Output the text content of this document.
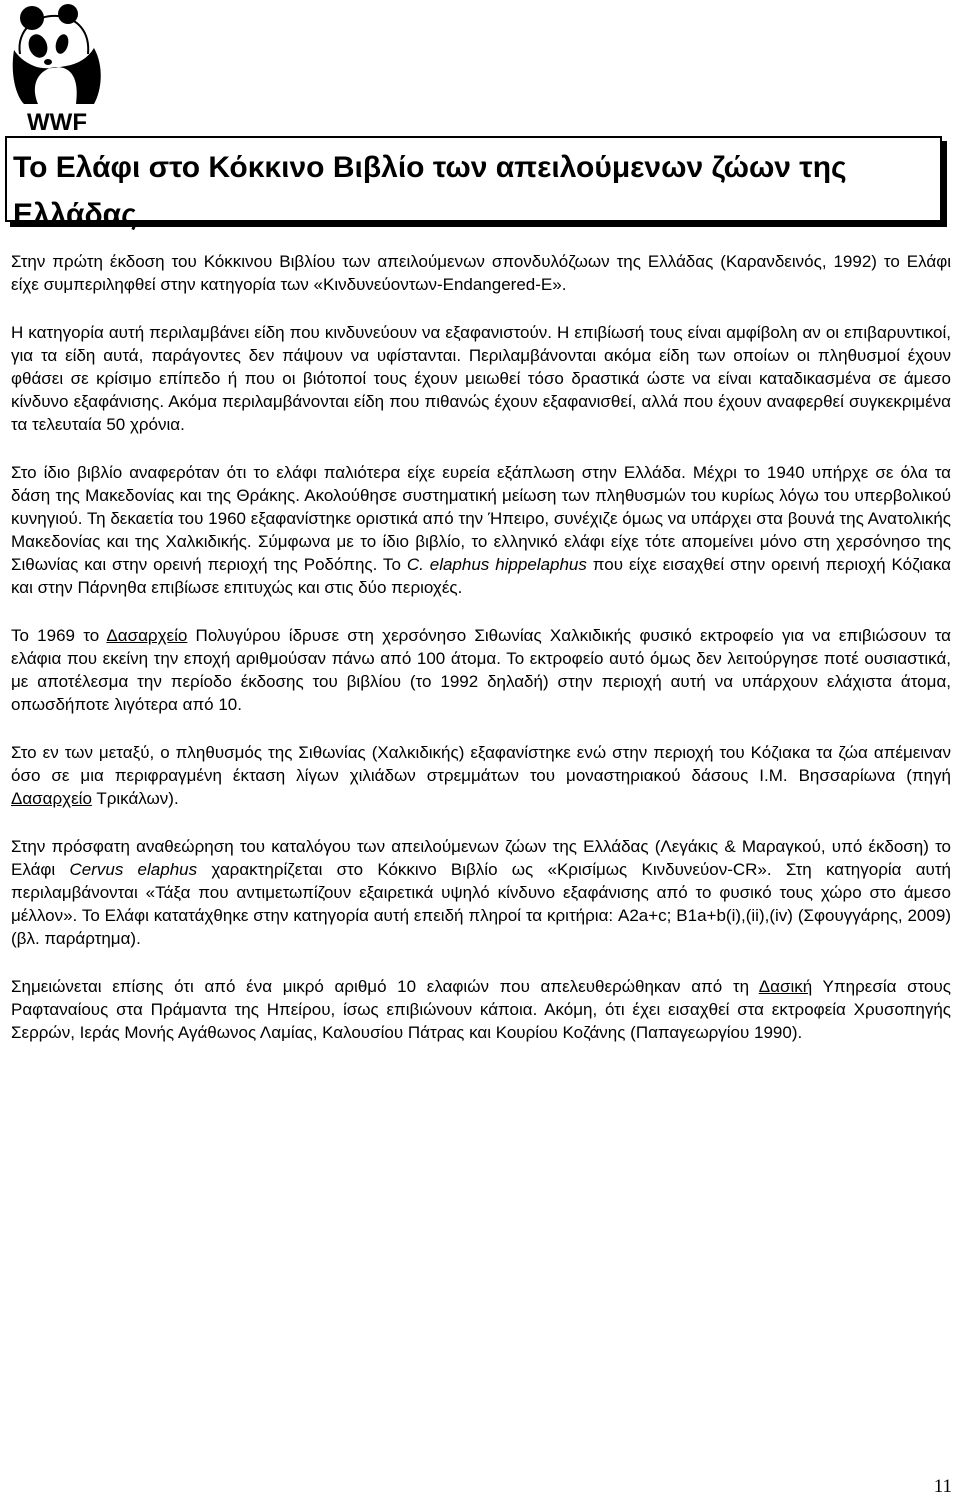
WWF
Το Ελάφι στο Κόκκινο Βιβλίο των απειλούμενων ζώων της Ελλάδας

Στην πρώτη έκδοση του Κόκκινου Βιβλίου των απειλούμενων σπονδυλόζωων της Ελλάδας (Καρανδεινός, 1992) το Ελάφι είχε συμπεριληφθεί στην κατηγορία των «Κινδυνεύοντων-Endangered-E».

Η κατηγορία αυτή περιλαμβάνει είδη που κινδυνεύουν να εξαφανιστούν. Η επιβίωσή τους είναι αμφίβολη αν οι επιβαρυντικοί, για τα είδη αυτά, παράγοντες δεν πάψουν να υφίστανται. Περιλαμβάνονται ακόμα είδη των οποίων οι πληθυσμοί έχουν φθάσει σε κρίσιμο επίπεδο ή που οι βιότοποί τους έχουν μειωθεί τόσο δραστικά ώστε να είναι καταδικασμένα σε άμεσο κίνδυνο εξαφάνισης. Ακόμα περιλαμβάνονται είδη που πιθανώς έχουν εξαφανισθεί, αλλά που έχουν αναφερθεί συγκεκριμένα τα τελευταία 50 χρόνια.

Στο ίδιο βιβλίο αναφερόταν ότι το ελάφι παλιότερα είχε ευρεία εξάπλωση στην Ελλάδα. Μέχρι το 1940 υπήρχε σε όλα τα δάση της Μακεδονίας και της Θράκης. Ακολούθησε συστηματική μείωση των πληθυσμών του κυρίως λόγω του υπερβολικού κυνηγιού. Τη δεκαετία του 1960 εξαφανίστηκε οριστικά από την Ήπειρο, συνέχιζε όμως να υπάρχει στα βουνά της Ανατολικής Μακεδονίας και της Χαλκιδικής. Σύμφωνα με το ίδιο βιβλίο, το ελληνικό ελάφι είχε τότε απομείνει μόνο στη χερσόνησο της Σιθωνίας και στην ορεινή περιοχή της Ροδόπης. Το C. elaphus hippelaphus που είχε εισαχθεί στην ορεινή περιοχή Κόζιακα και στην Πάρνηθα επιβίωσε επιτυχώς και στις δύο περιοχές.

Το 1969 το Δασαρχείο Πολυγύρου ίδρυσε στη χερσόνησο Σιθωνίας Χαλκιδικής φυσικό εκτροφείο για να επιβιώσουν τα ελάφια που εκείνη την εποχή αριθμούσαν πάνω από 100 άτομα. Το εκτροφείο αυτό όμως δεν λειτούργησε ποτέ ουσιαστικά, με αποτέλεσμα την περίοδο έκδοσης του βιβλίου (το 1992 δηλαδή) στην περιοχή αυτή να υπάρχουν ελάχιστα άτομα, οπωσδήποτε λιγότερα από 10.

Στο εν των μεταξύ, ο πληθυσμός της Σιθωνίας (Χαλκιδικής) εξαφανίστηκε ενώ στην περιοχή του Κόζιακα τα ζώα απέμειναν όσο σε μια περιφραγμένη έκταση λίγων χιλιάδων στρεμμάτων του μοναστηριακού δάσους Ι.Μ. Βησσαρίωνα (πηγή Δασαρχείο Τρικάλων).

Στην πρόσφατη αναθεώρηση του καταλόγου των απειλούμενων ζώων της Ελλάδας (Λεγάκις & Μαραγκού, υπό έκδοση) το Ελάφι Cervus elaphus χαρακτηρίζεται στο Κόκκινο Βιβλίο ως «Κρισίμως Κινδυνεύον-CR». Στη κατηγορία αυτή περιλαμβάνονται «Τάξα που αντιμετωπίζουν εξαιρετικά υψηλό κίνδυνο εξαφάνισης από το φυσικό τους χώρο στο άμεσο μέλλον». Το Ελάφι κατατάχθηκε στην κατηγορία αυτή επειδή πληροί τα κριτήρια: A2a+c; B1a+b(i),(ii),(iv) (Σφουγγάρης, 2009) (βλ. παράρτημα).

Σημειώνεται επίσης ότι από ένα μικρό αριθμό 10 ελαφιών που απελευθερώθηκαν από τη Δασική Υπηρεσία στους Ραφταναίους στα Πράμαντα της Ηπείρου, ίσως επιβιώνουν κάποια. Ακόμη, ότι έχει εισαχθεί στα εκτροφεία Χρυσοπηγής Σερρών, Ιεράς Μονής Αγάθωνος Λαμίας, Καλουσίου Πάτρας και Κουρίου Κοζάνης (Παπαγεωργίου 1990).

11
